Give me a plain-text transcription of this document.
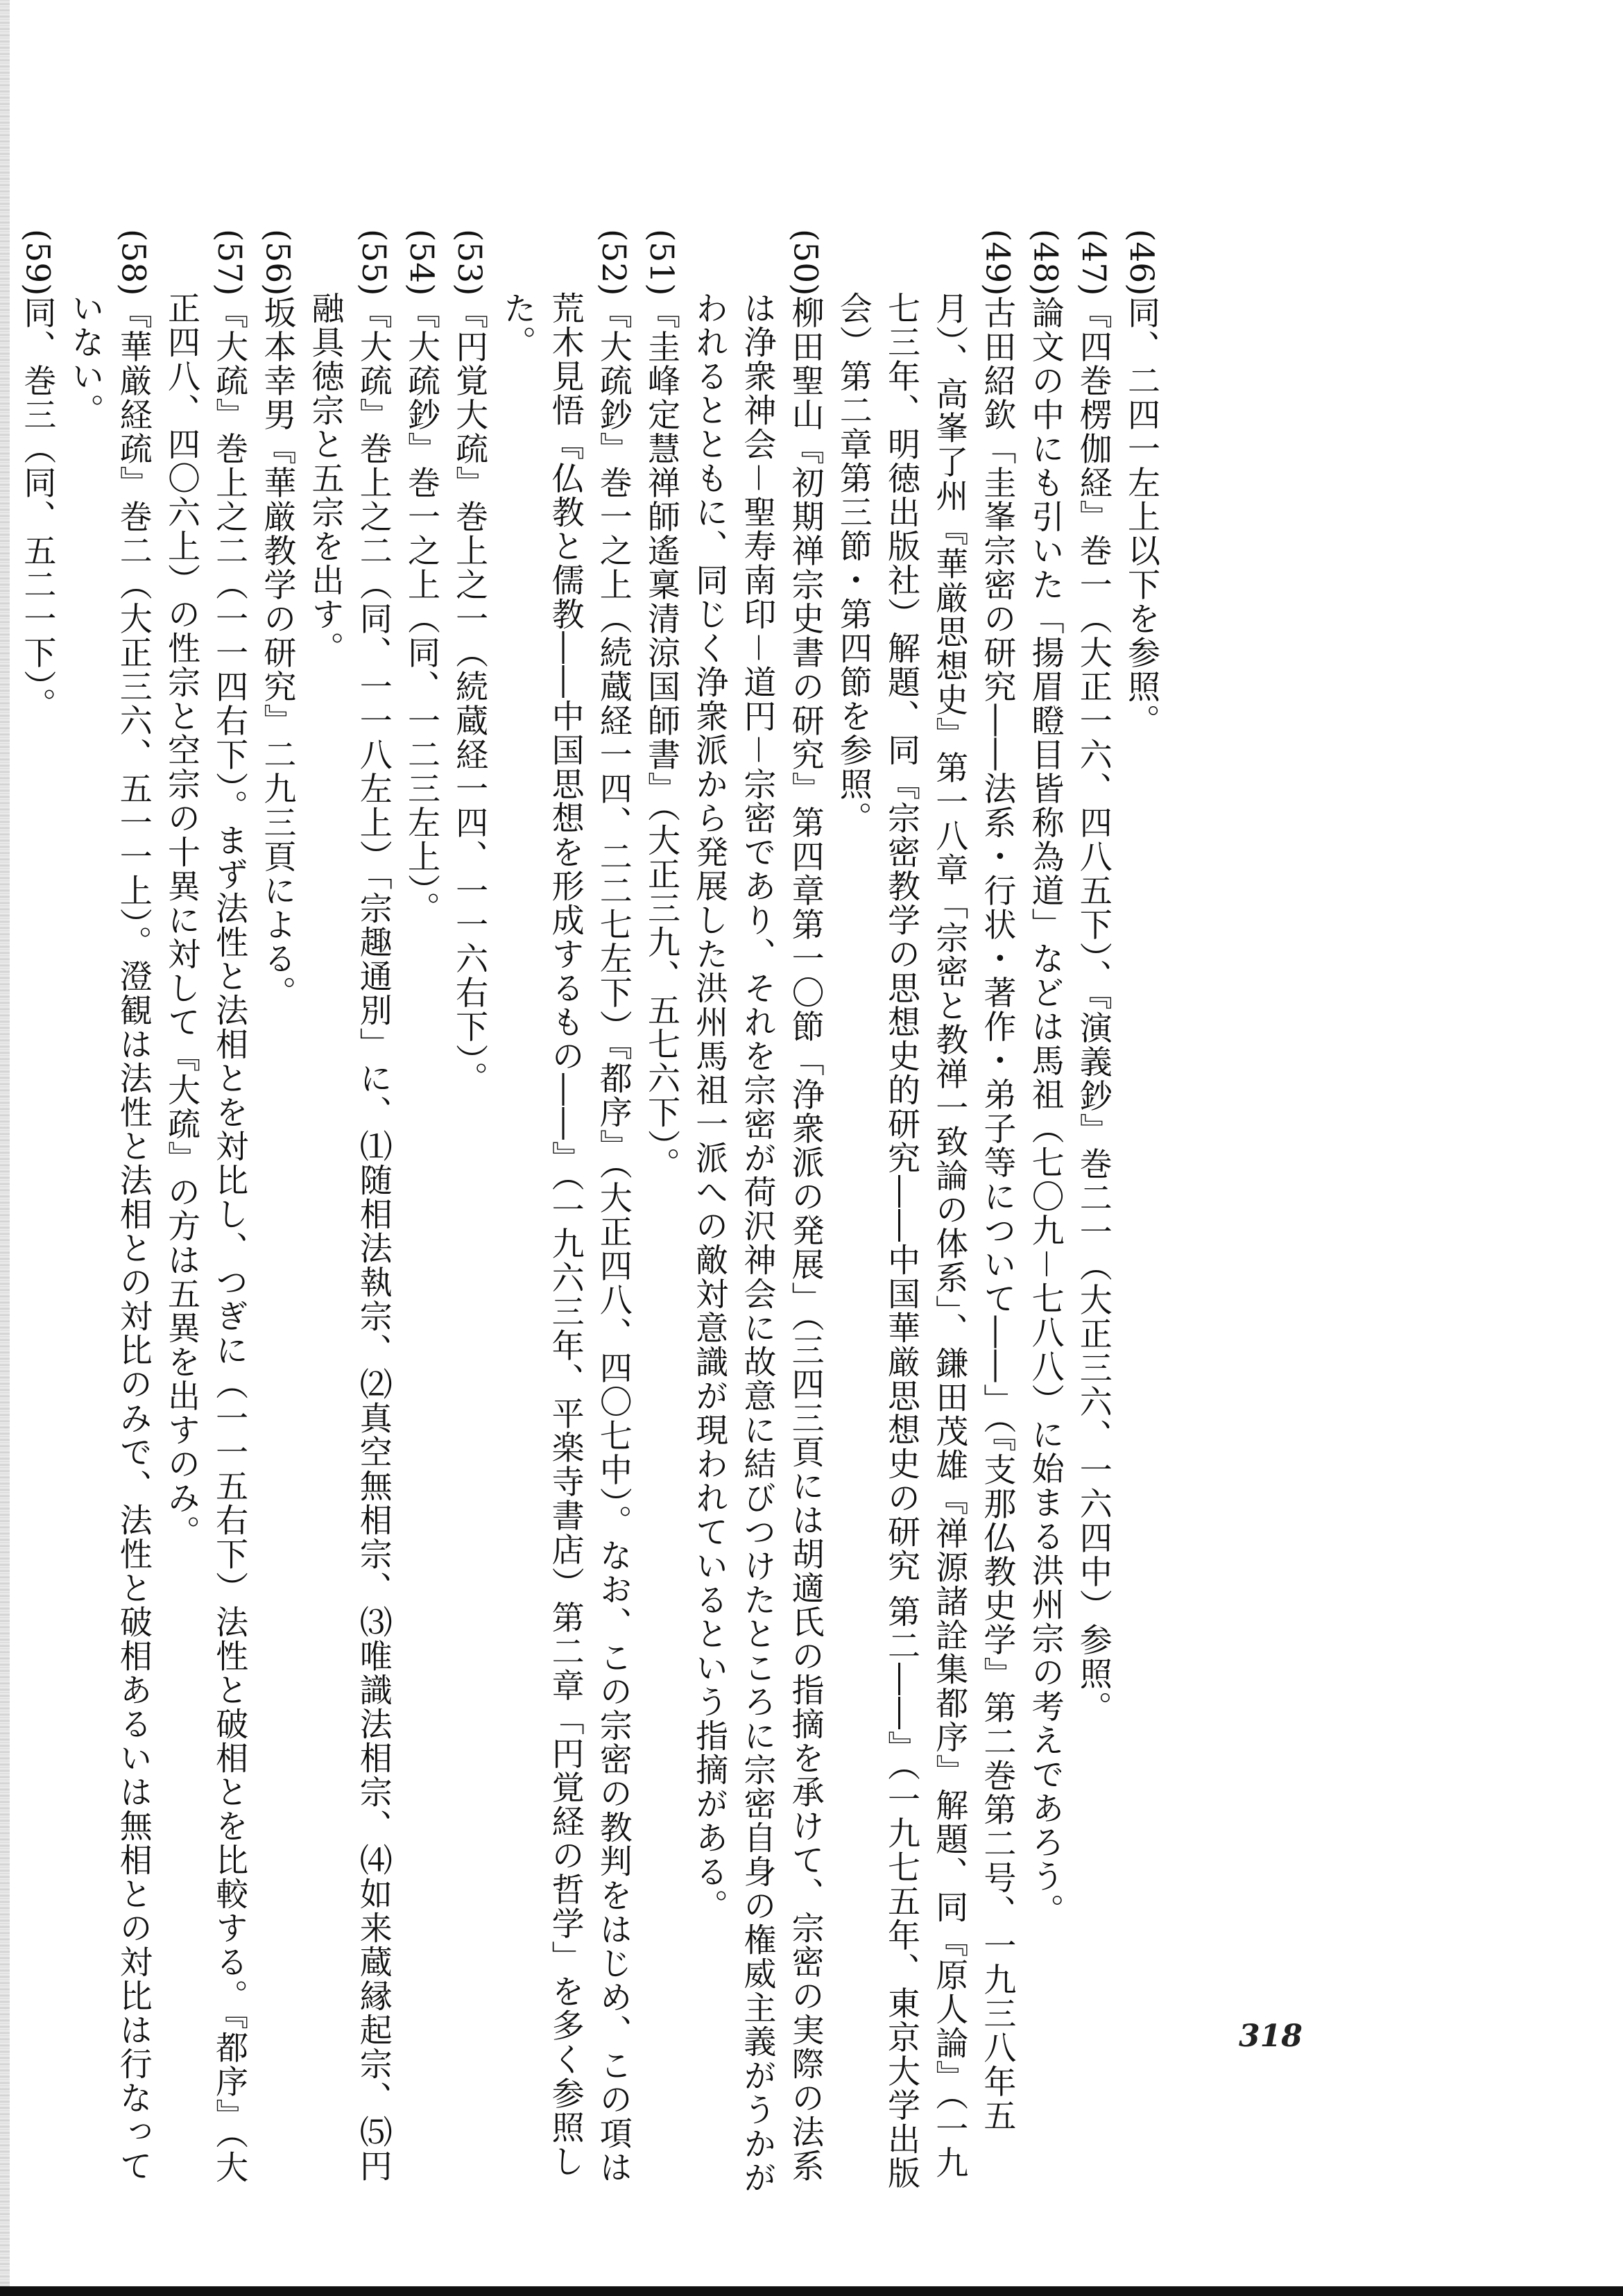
(46)同、二四一左上以下を参照。

(47)『四巻楞伽経』巻一（大正一六、四八五下）、『演義鈔』巻二一（大正三六、一六四中）参照。

(48)論文の中にも引いた「揚眉瞪目皆称為道」などは馬祖（七〇九－七八八）に始まる洪州宗の考えであろう。

(49)古田紹欽「圭峯宗密の研究――法系・行状・著作・弟子等について――」（『支那仏教史学』第二巻第二号、一九三八年五月）、高峯了州『華厳思想史』第一八章「宗密と教禅一致論の体系」、鎌田茂雄『禅源諸詮集都序』解題、同『原人論』（一九七三年、明徳出版社）解題、同『宗密教学の思想史的研究――中国華厳思想史の研究 第二――』（一九七五年、東京大学出版会）第二章第三節・第四節を参照。

(50)柳田聖山『初期禅宗史書の研究』第四章第一〇節「浄衆派の発展」（三四三頁には胡適氏の指摘を承けて、宗密の実際の法系は浄衆神会－聖寿南印－道円－宗密であり、それを宗密が荷沢神会に故意に結びつけたところに宗密自身の権威主義がうかがわれるとともに、同じく浄衆派から発展した洪州馬祖一派への敵対意識が現われているという指摘がある。

(51)『圭峰定慧禅師遙稟清涼国師書』（大正三九、五七六下）。

(52)『大疏鈔』巻一之上（続蔵経一四、二二七左下）『都序』（大正四八、四〇七中）。なお、この宗密の教判をはじめ、この項は荒木見悟『仏教と儒教――中国思想を形成するもの――』（一九六三年、平楽寺書店）第二章「円覚経の哲学」を多く参照した。

(53)『円覚大疏』巻上之一（続蔵経一四、一一六右下）。

(54)『大疏鈔』巻一之上（同、一二三左上）。

(55)『大疏』巻上之二（同、一一八左上）「宗趣通別」に、⑴随相法執宗、⑵真空無相宗、⑶唯識法相宗、⑷如来蔵縁起宗、⑸円融具徳宗と五宗を出す。

(56)坂本幸男『華厳教学の研究』二九三頁による。

(57)『大疏』巻上之二（一一四右下）。まず法性と法相とを対比し、つぎに（一一五右下）法性と破相とを比較する。『都序』（大正四八、四〇六上）の性宗と空宗の十異に対して『大疏』の方は五異を出すのみ。

(58)『華厳経疏』巻二（大正三六、五一一上）。澄観は法性と法相との対比のみで、法性と破相あるいは無相との対比は行なっていない。

(59)同、巻三（同、五二一下）。

318
